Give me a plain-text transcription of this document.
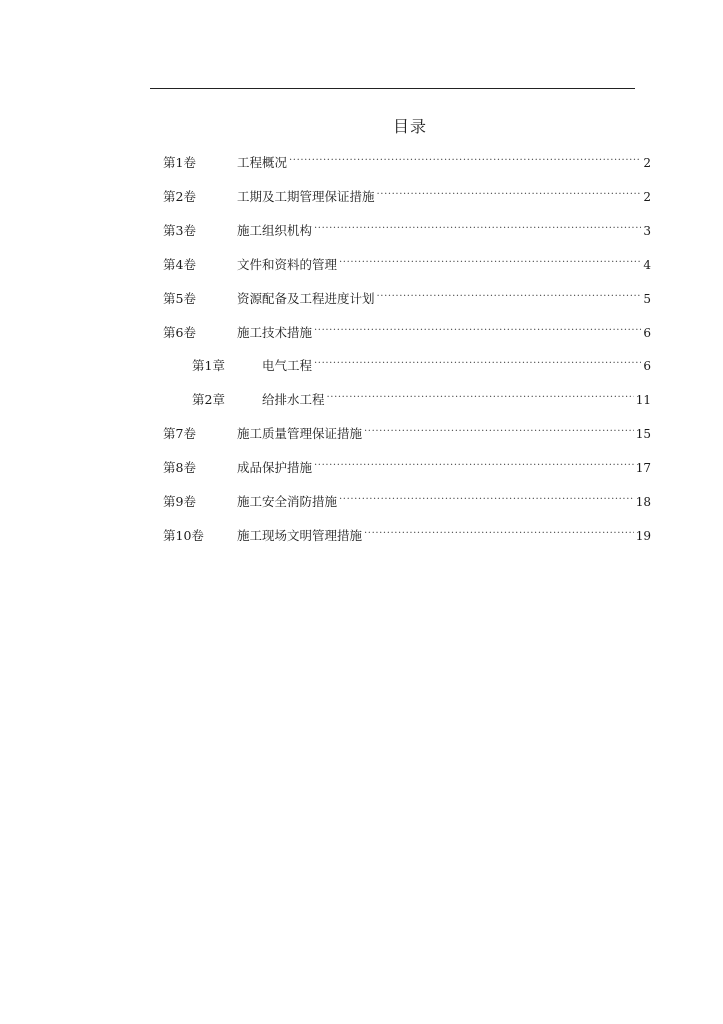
目录
第1卷	工程概况 .....	2
第2卷	工期及工期管理保证措施 .....	2
第3卷	施工组织机构 .....	3
第4卷	文件和资料的管理 .....	4
第5卷	资源配备及工程进度计划 .....	5
第6卷	施工技术措施 .....	6
第1章	电气工程 .....	6
第2章	给排水工程 .....	11
第7卷	施工质量管理保证措施 .....	15
第8卷	成品保护措施 .....	17
第9卷	施工安全消防措施 .....	18
第10卷	施工现场文明管理措施 .....	19
